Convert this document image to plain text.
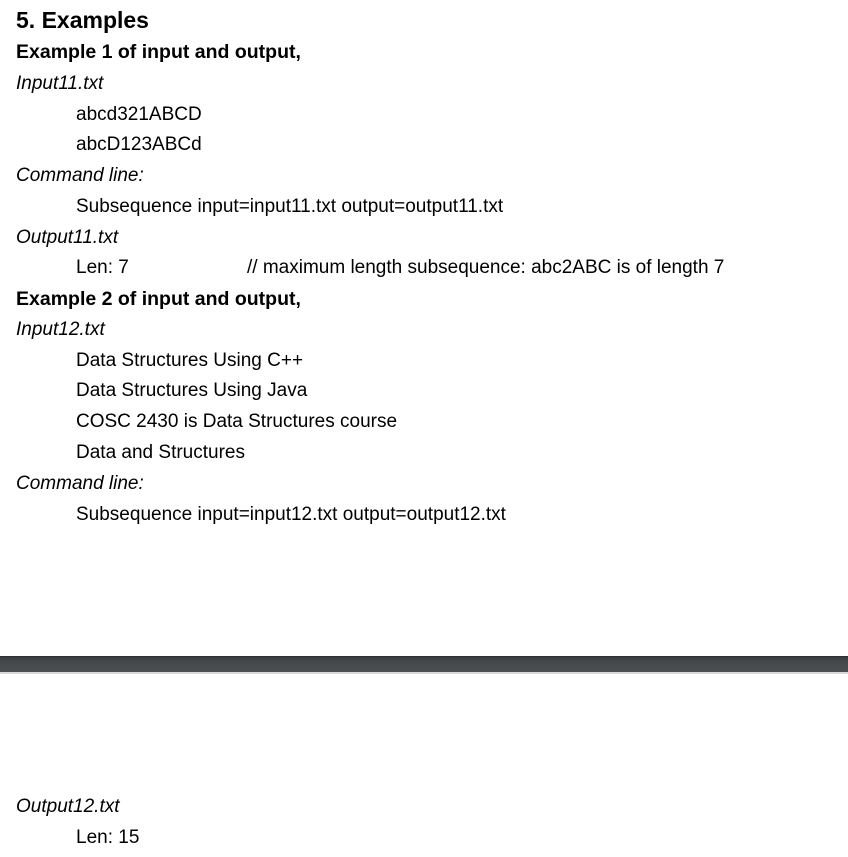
5. Examples
Example 1 of input and output,
Input11.txt
abcd321ABCD
abcD123ABCd
Command line:
Subsequence input=input11.txt output=output11.txt
Output11.txt
Len: 7	// maximum length subsequence: abc2ABC is of length 7
Example 2 of input and output,
Input12.txt
Data Structures Using C++
Data Structures Using Java
COSC 2430 is Data Structures course
Data and Structures
Command line:
Subsequence input=input12.txt output=output12.txt
Output12.txt
Len: 15
